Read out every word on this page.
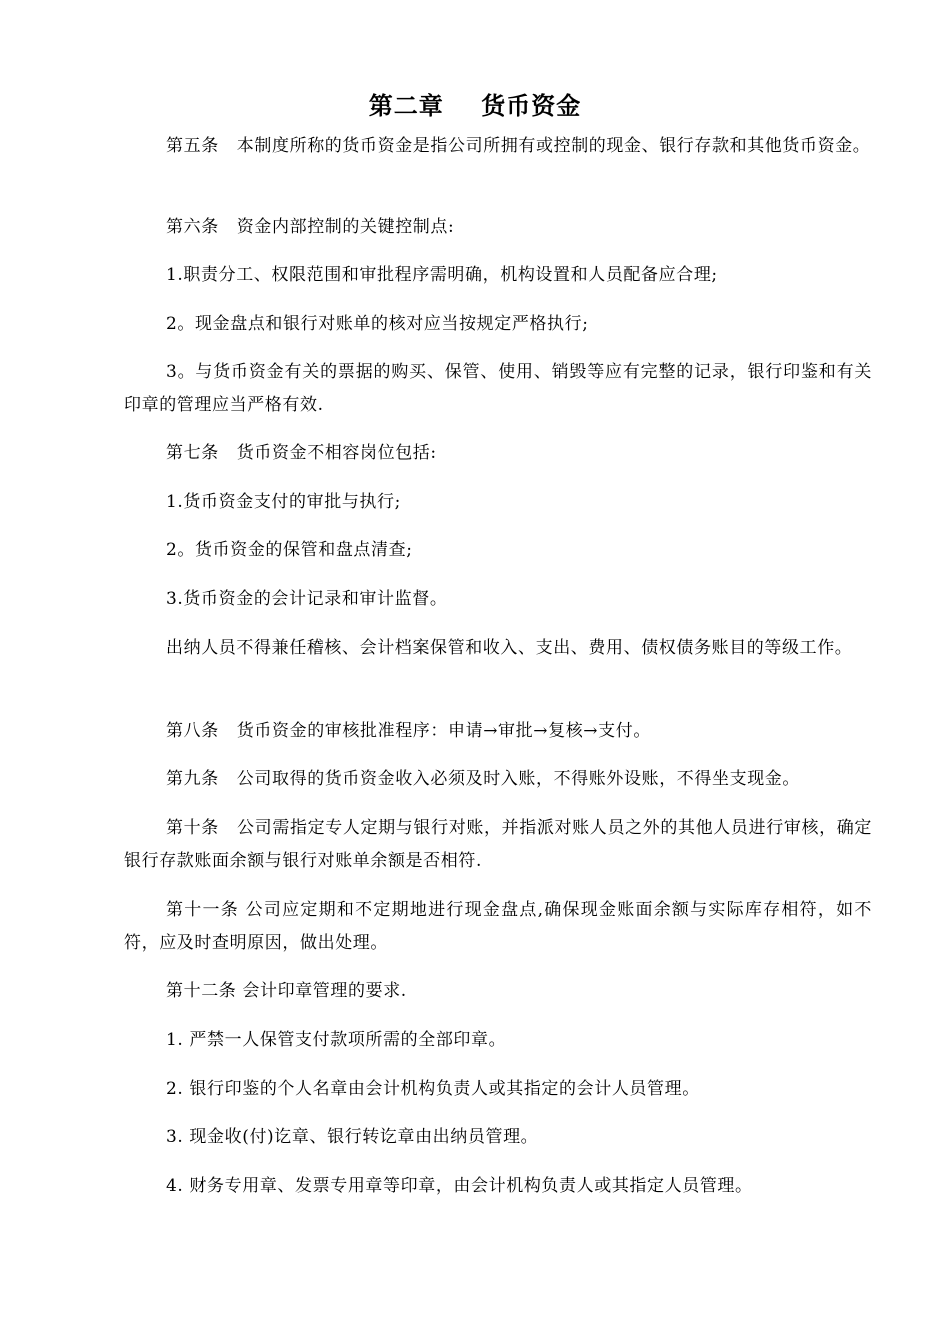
第二章    货币资金

第五条   本制度所称的货币资金是指公司所拥有或控制的现金、银行存款和其他货币资金。

第六条   资金内部控制的关键控制点:

1.职责分工、权限范围和审批程序需明确，机构设置和人员配备应合理;

2。现金盘点和银行对账单的核对应当按规定严格执行;

3。与货币资金有关的票据的购买、保管、使用、销毁等应有完整的记录，银行印鉴和有关印章的管理应当严格有效.

第七条   货币资金不相容岗位包括:

1.货币资金支付的审批与执行;

2。货币资金的保管和盘点清查;

3.货币资金的会计记录和审计监督。

出纳人员不得兼任稽核、会计档案保管和收入、支出、费用、债权债务账目的等级工作。

第八条   货币资金的审核批准程序：申请→审批→复核→支付。

第九条   公司取得的货币资金收入必须及时入账，不得账外设账，不得坐支现金。

第十条   公司需指定专人定期与银行对账，并指派对账人员之外的其他人员进行审核，确定银行存款账面余额与银行对账单余额是否相符.

第十一条 公司应定期和不定期地进行现金盘点,确保现金账面余额与实际库存相符，如不符，应及时查明原因，做出处理。

第十二条 会计印章管理的要求.

1. 严禁一人保管支付款项所需的全部印章。

2. 银行印鉴的个人名章由会计机构负责人或其指定的会计人员管理。

3. 现金收(付)讫章、银行转讫章由出纳员管理。

4. 财务专用章、发票专用章等印章，由会计机构负责人或其指定人员管理。
